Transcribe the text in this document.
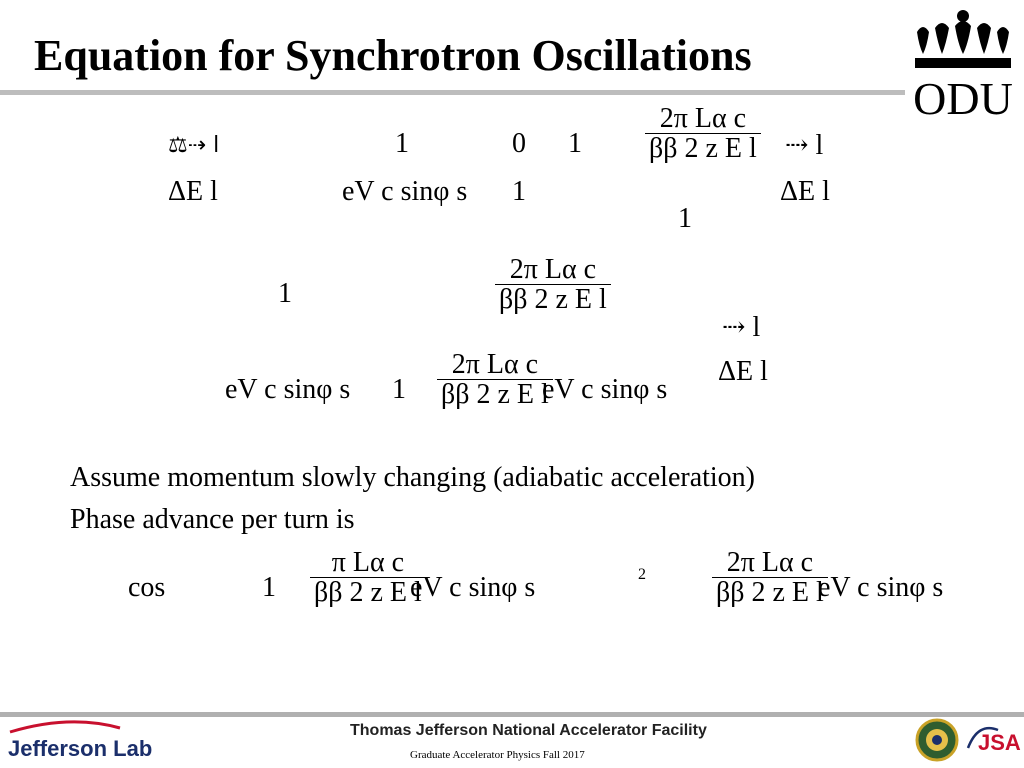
Equation for Synchrotron Oscillations
ODU
⚖⇢ l
ΔE l
1
eV c sinφ s
0 1
1
1
$\frac{\text{2π Lα c}}{\text{ββ 2 z E l}}$ ⇢ l
ΔE l
1
eV c sinφ s
$\frac{\text{2π Lα c}}{\text{ββ 2 z E l}}$
$1 \frac{\text{2π Lα c}}{\text{ββ 2 z E l}}$
eV c sinφ s
⇢ l
ΔE l
Assume momentum slowly changing (adiabatic acceleration)
Phase advance per turn is
cos	$1 \frac{\text{π Lα c}}{\text{ββ 2 z E l}}$
eV c sinφ s	$2 \frac{\text{2π Lα c}}{\text{ββ 2 z E l}}$
eV c sinφ s
Jefferson Lab
Thomas Jefferson National Accelerator Facility
Graduate Accelerator Physics Fall 2017	JSA
